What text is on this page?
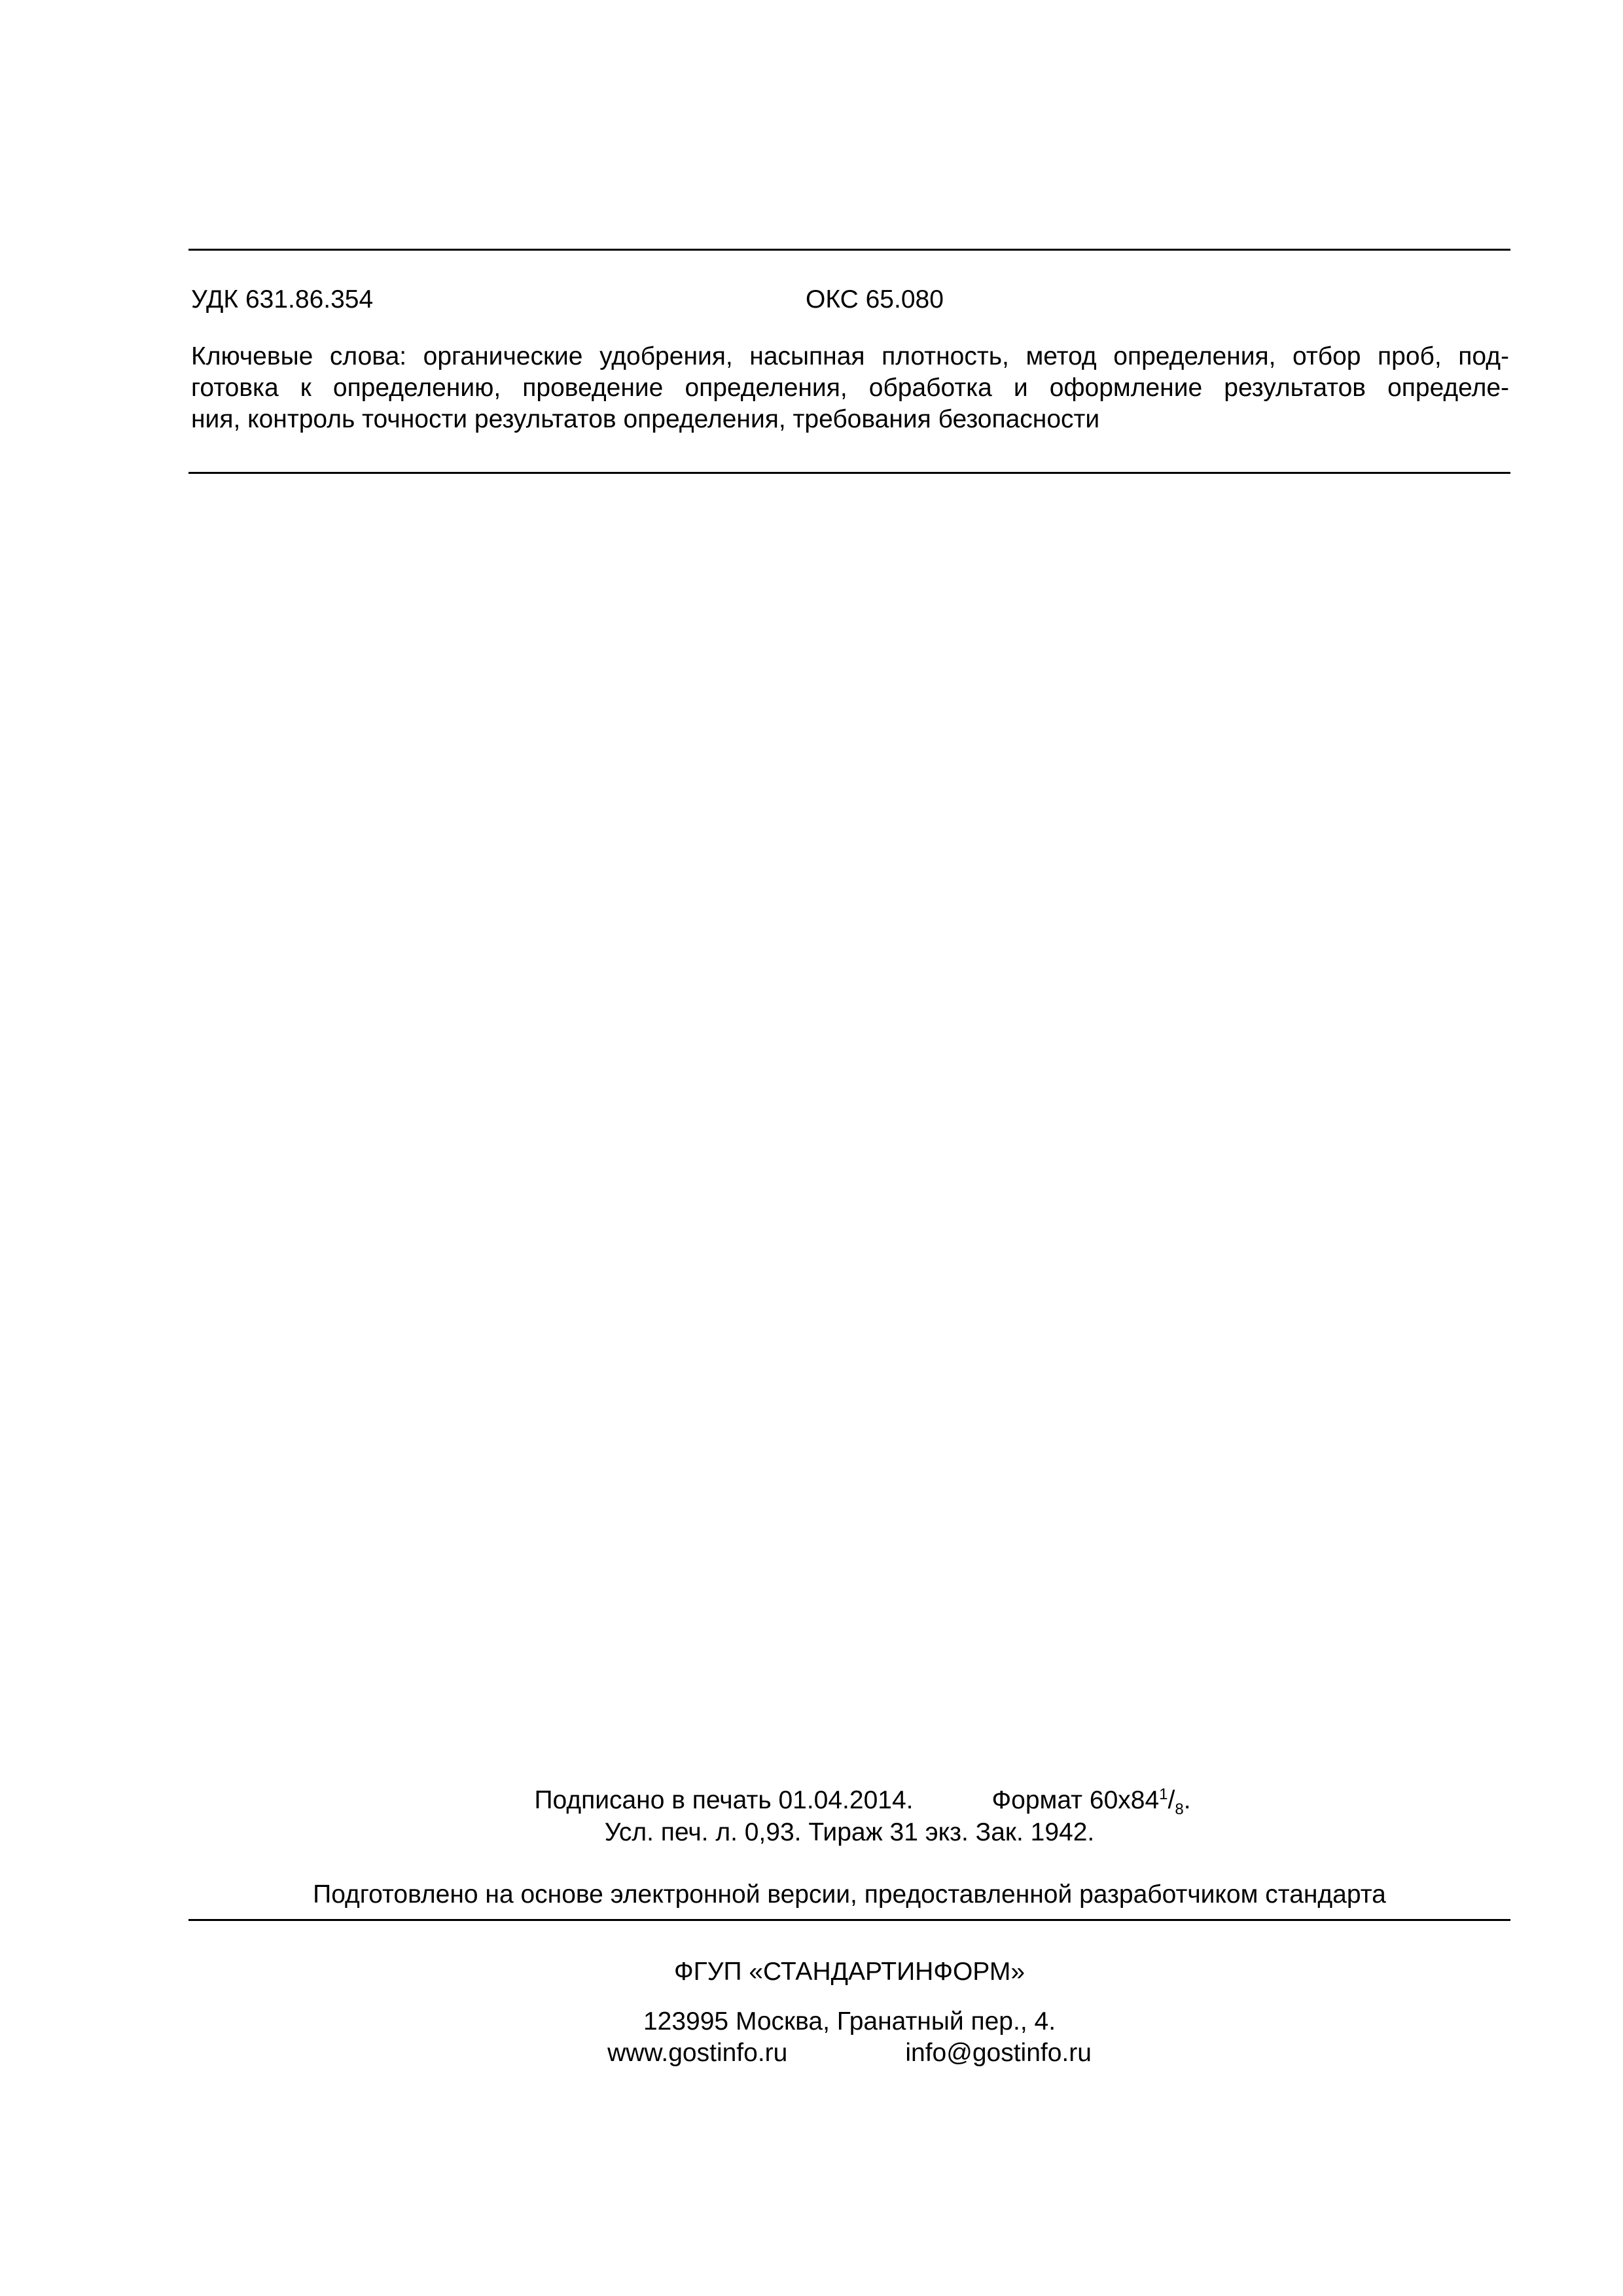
УДК 631.86.354	ОКС 65.080
Ключевые слова: органические удобрения, насыпная плотность, метод определения, отбор проб, под-
готовка к определению, проведение определения, обработка и оформление результатов определе-
ния, контроль точности результатов определения, требования безопасности
Подписано в печать 01.04.2014.	Формат $60x84^1/_8$.
Усл. печ. л. 0,93. Тираж 31 экз. Зак. 1942.
Подготовлено на основе электронной версии, предоставленной разработчиком стандарта
ФГУП «СТАНДАРТИНФОРМ»
123995 Москва, Гранатный пер., 4.
www.gostinfo.ru	info@gostinfo.ru
